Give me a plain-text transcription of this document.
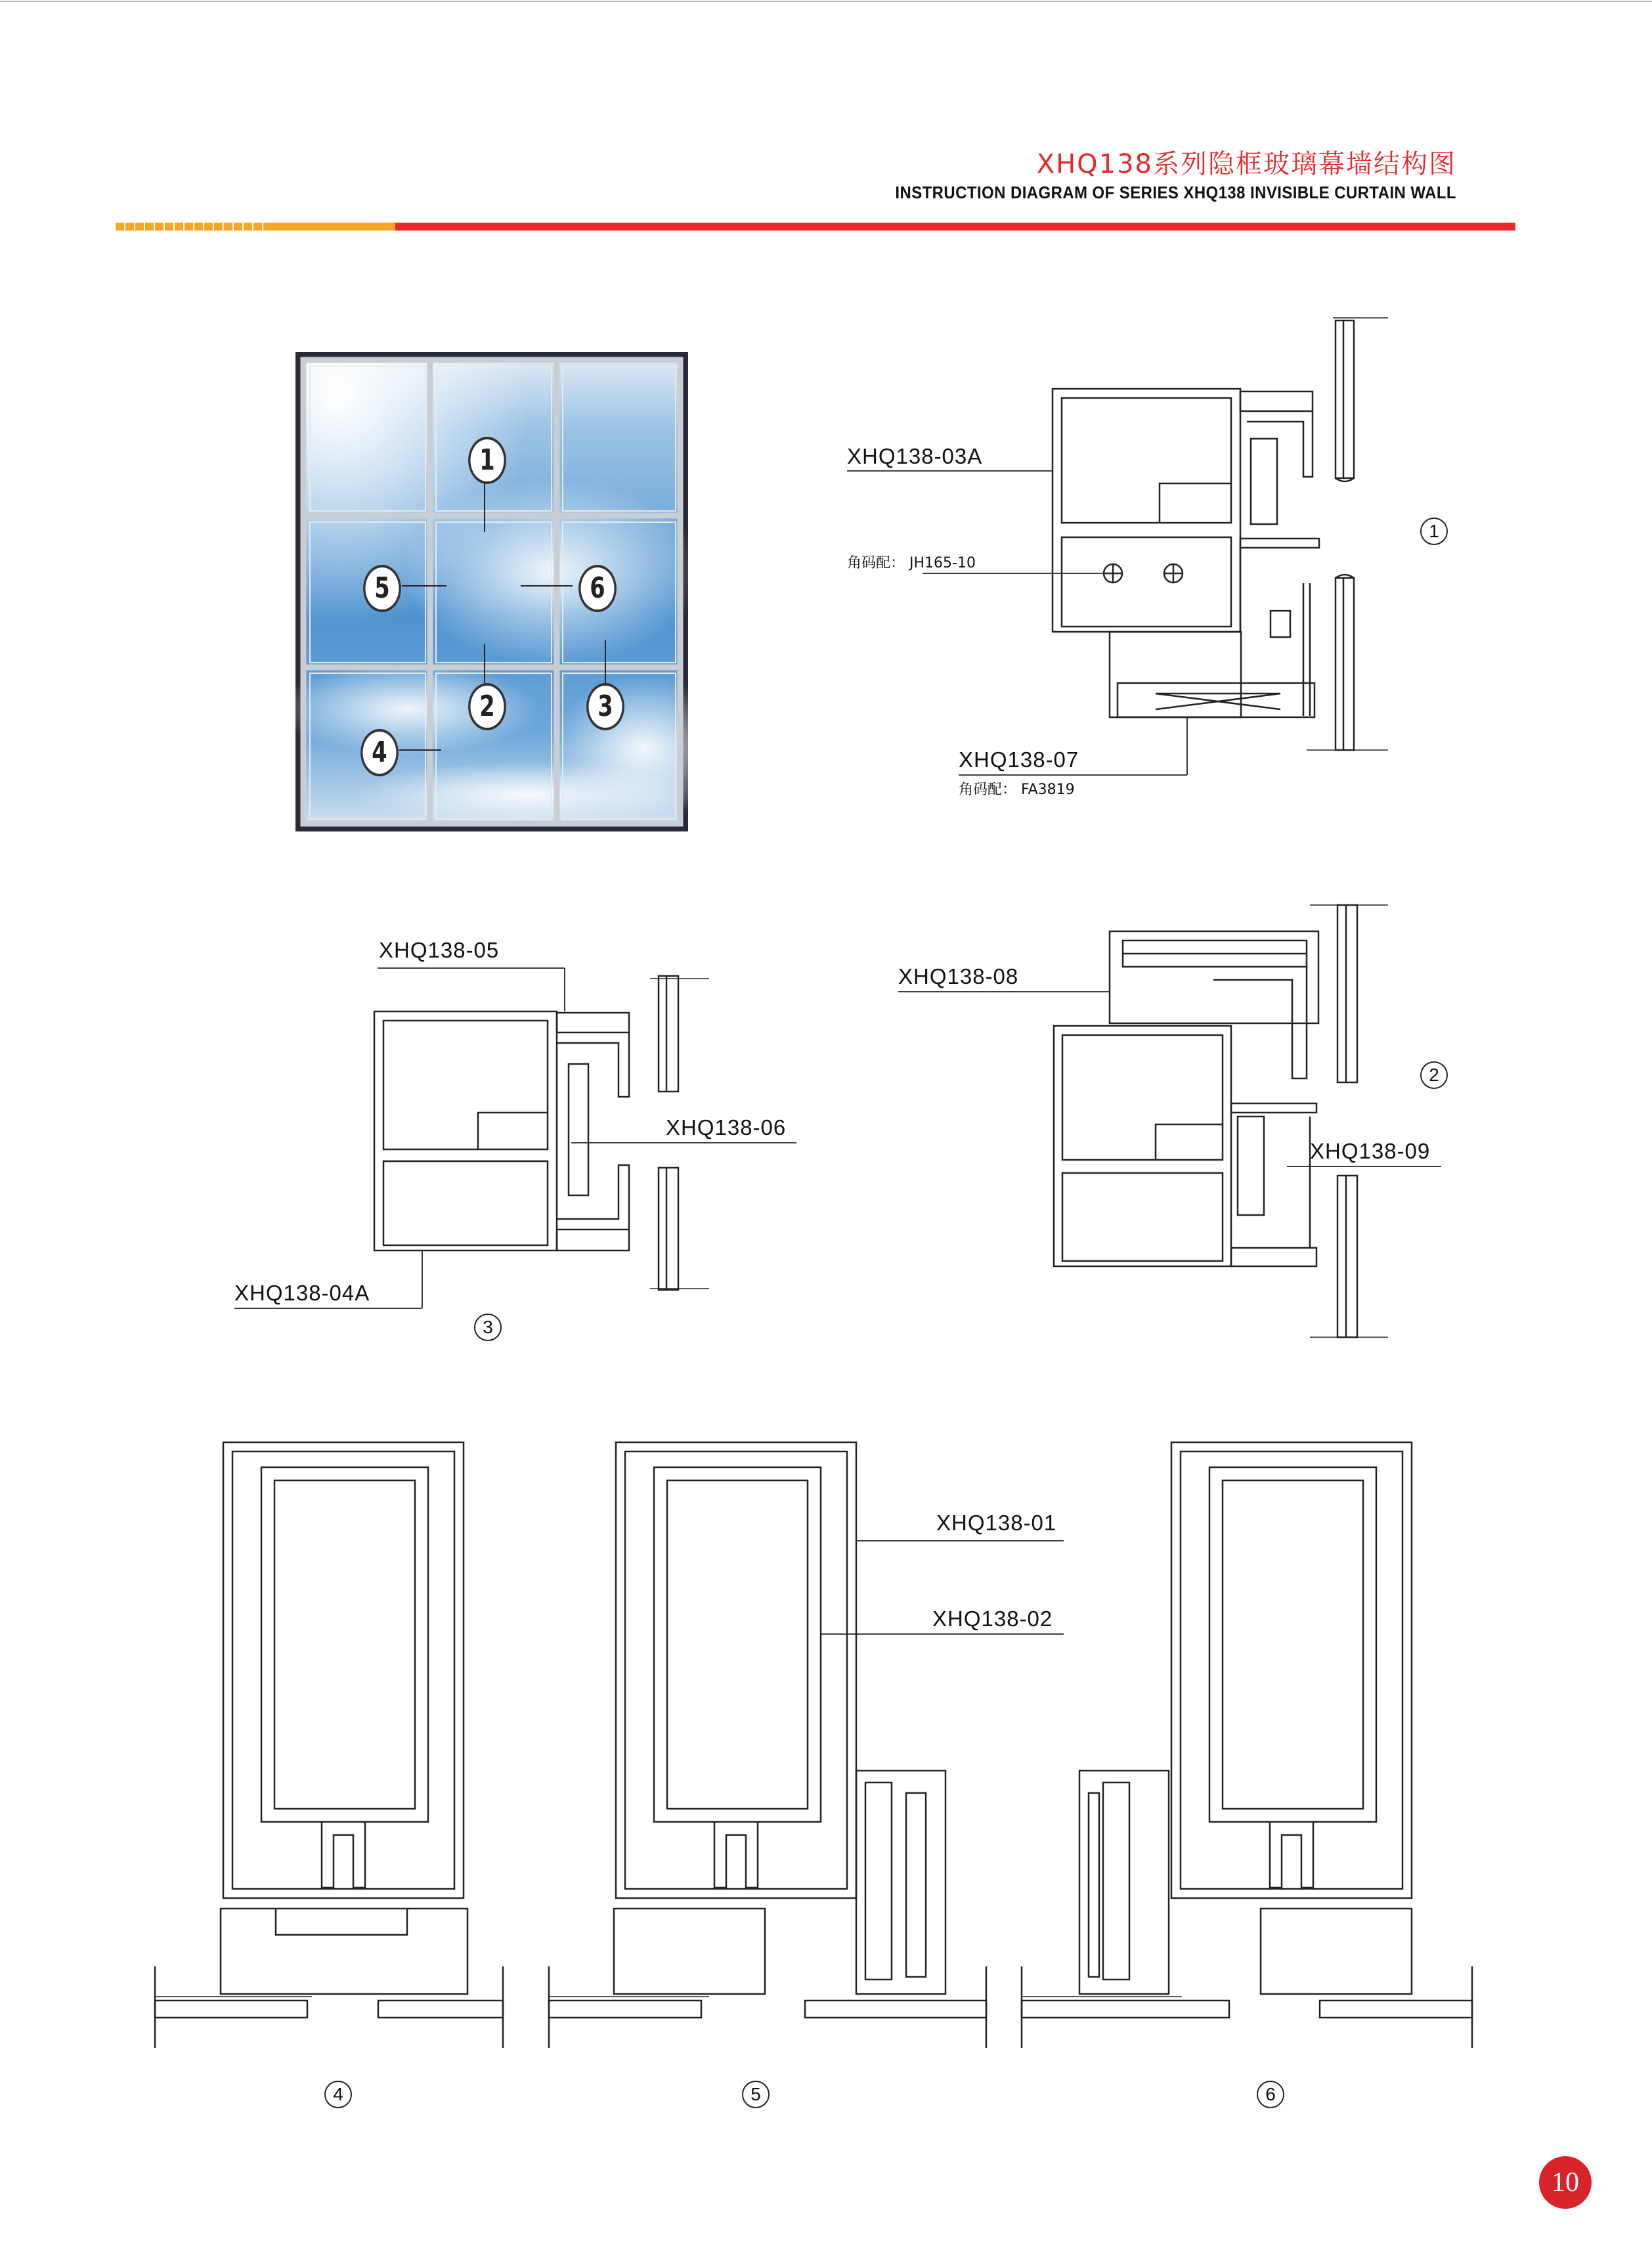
XHQ138系列隐框玻璃幕墙结构图
INSTRUCTION DIAGRAM OF SERIES XHQ138 INVISIBLE CURTAIN WALL
1
5	6
2	3
4
XHQ138-03A
角码配： JH165-10
XHQ138-07
角码配： FA3819
1
XHQ138-05
XHQ138-06
XHQ138-04A
3
XHQ138-08
XHQ138-09
2
XHQ138-01
XHQ138-02
4	5	6
10
